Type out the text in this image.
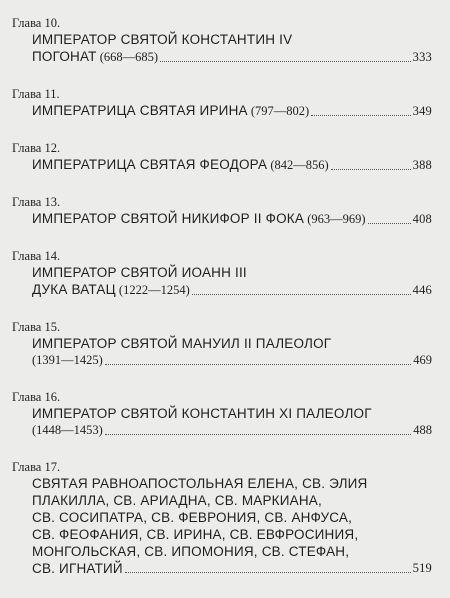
Глава 10.
ИМПЕРАТОР СВЯТОЙ КОНСТАНТИН IV
ПОГОНАТ (668—685)	333
Глава 11.
ИМПЕРАТРИЦА СВЯТАЯ ИРИНА (797—802)	349
Глава 12.
ИМПЕРАТРИЦА СВЯТАЯ ФЕОДОРА (842—856)	388
Глава 13.
ИМПЕРАТОР СВЯТОЙ НИКИФОР II ФОКА (963—969)	408
Глава 14.
ИМПЕРАТОР СВЯТОЙ ИОАНН III
ДУКА ВАТАЦ (1222—1254)	446
Глава 15.
ИМПЕРАТОР СВЯТОЙ МАНУИЛ II ПАЛЕОЛОГ
(1391—1425)	469
Глава 16.
ИМПЕРАТОР СВЯТОЙ КОНСТАНТИН XI ПАЛЕОЛОГ
(1448—1453)	488
Глава 17.
СВЯТАЯ РАВНОАПОСТОЛЬНАЯ ЕЛЕНА, СВ. ЭЛИЯ
ПЛАКИЛЛА, СВ. АРИАДНА, СВ. МАРКИАНА,
СВ. СОСИПАТРА, СВ. ФЕВРОНИЯ, СВ. АНФУСА,
СВ. ФЕОФАНИЯ, СВ. ИРИНА, СВ. ЕВФРОСИНИЯ,
МОНГОЛЬСКАЯ, СВ. ИПОМОНИЯ, СВ. СТЕФАН,
СВ. ИГНАТИЙ	519
